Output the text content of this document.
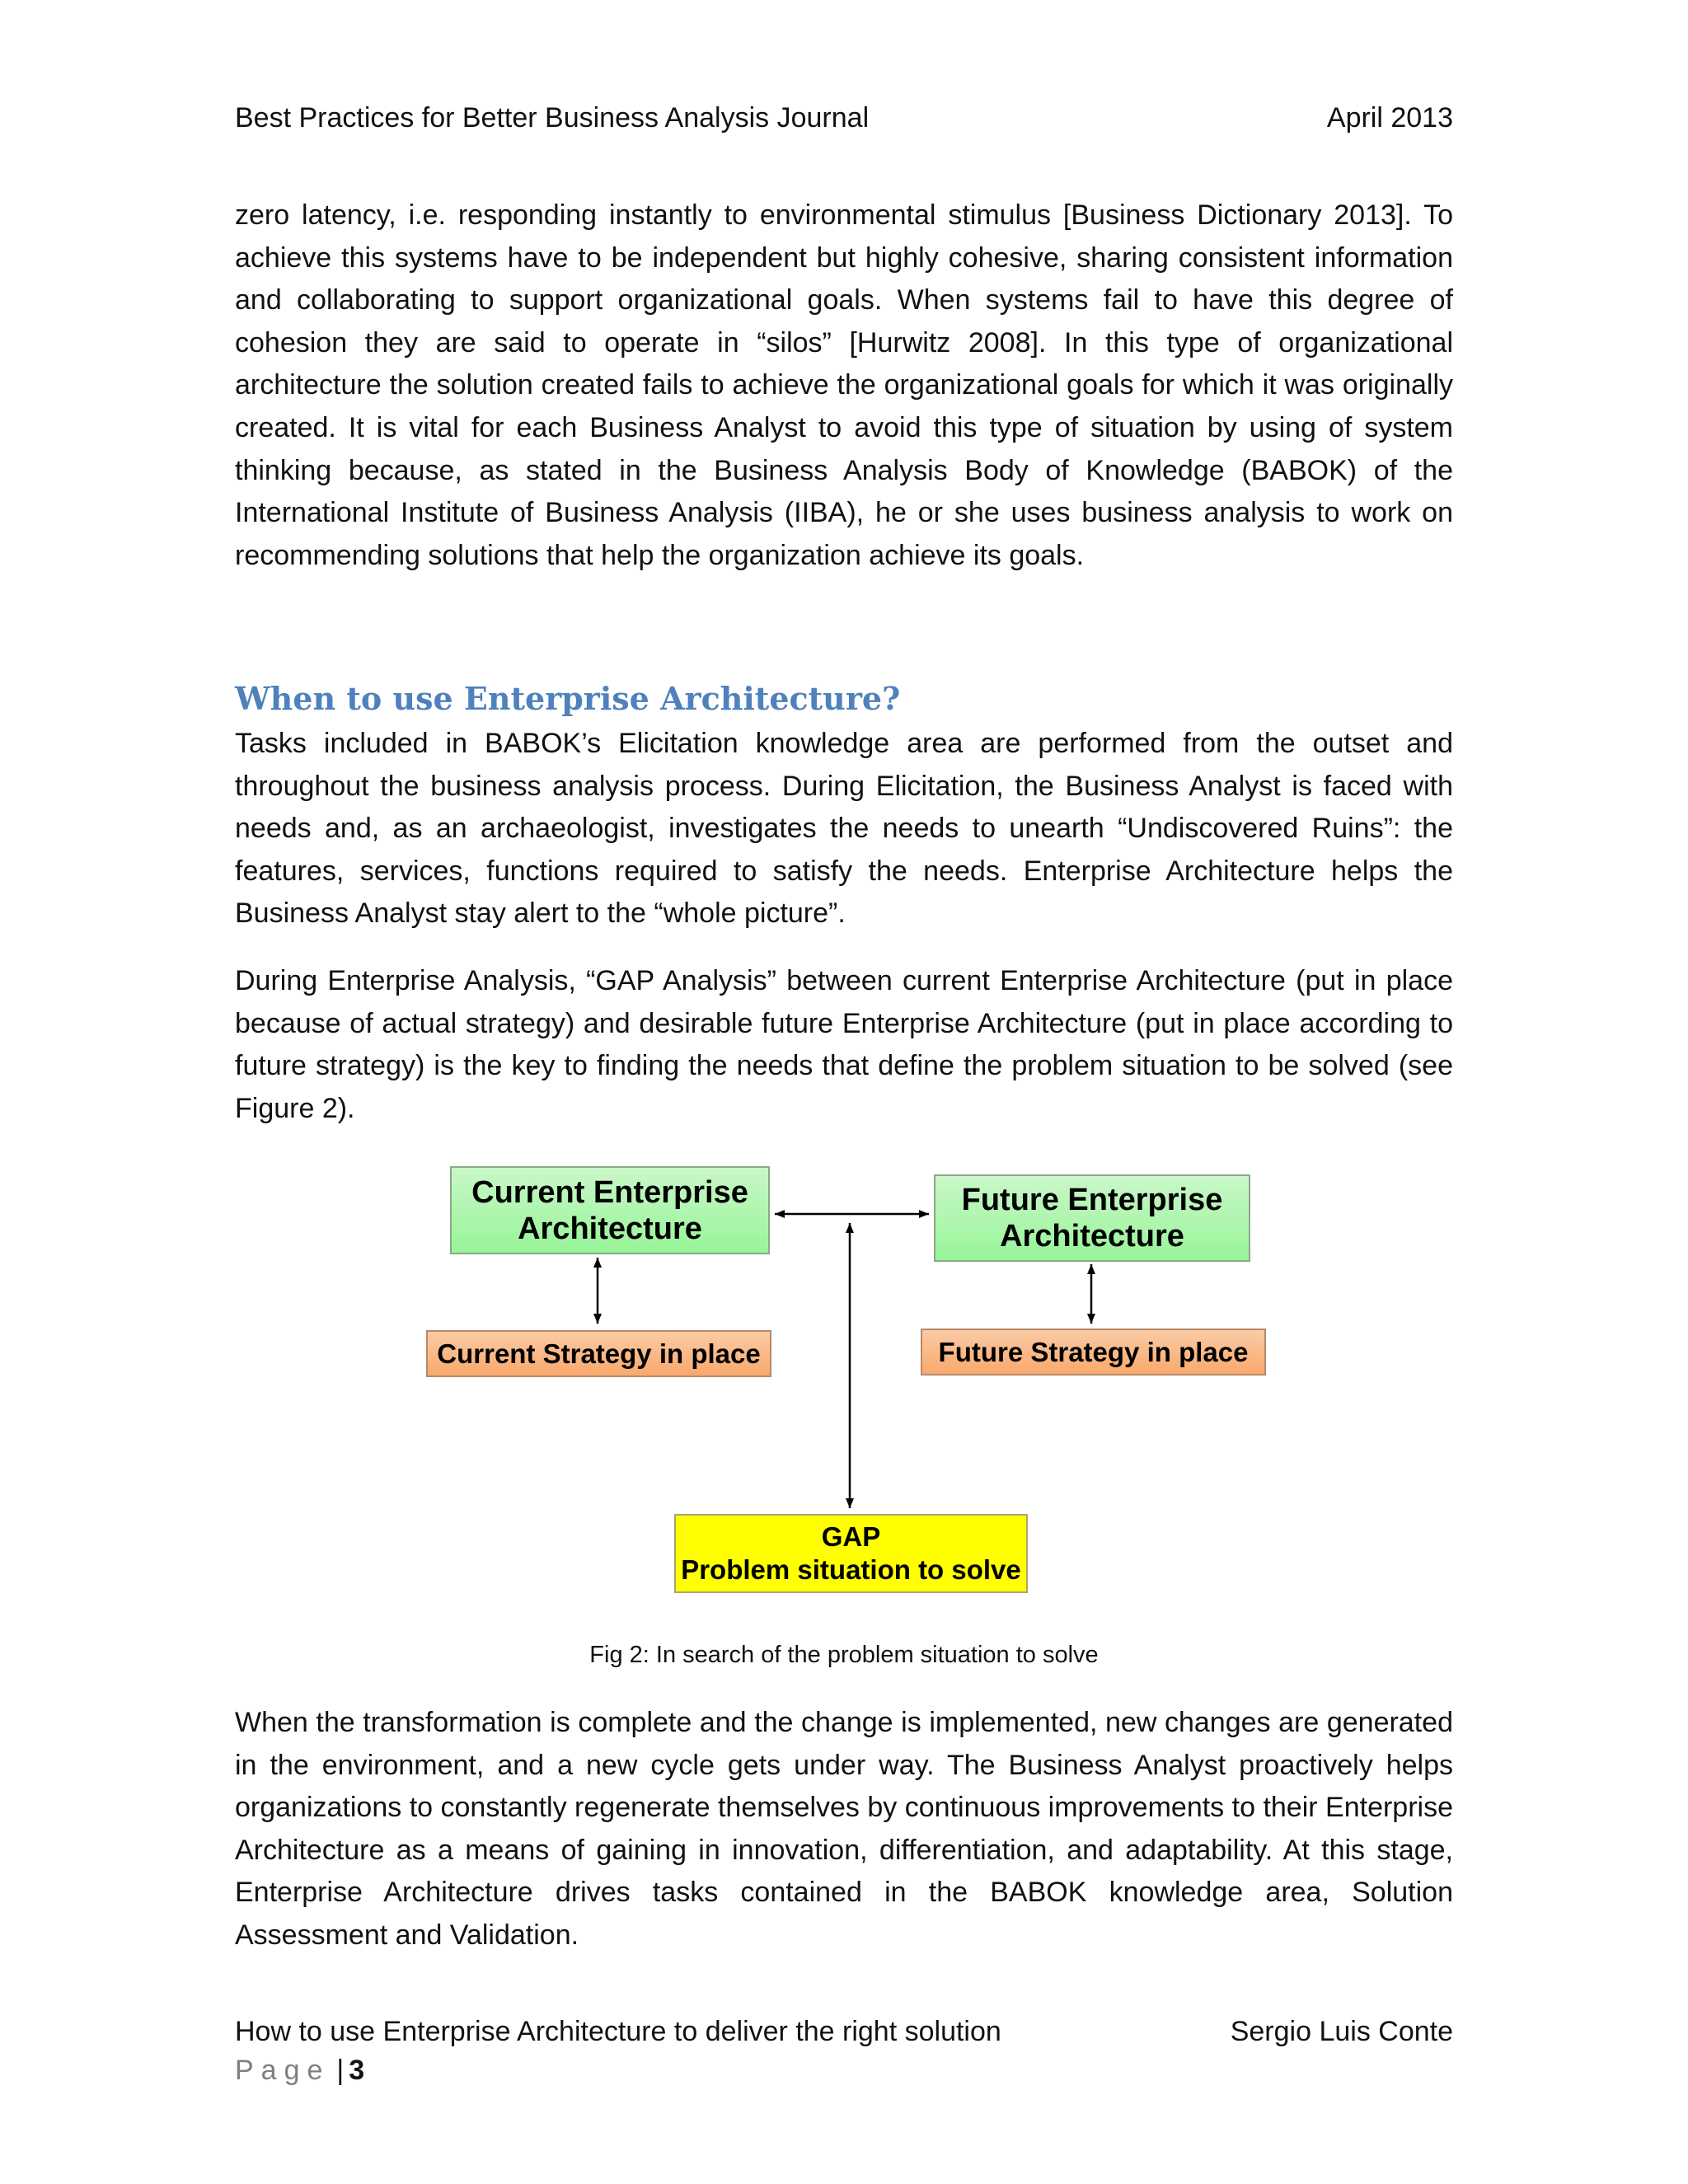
Best Practices for Better Business Analysis Journal	April 2013

zero latency, i.e. responding instantly to environmental stimulus [Business Dictionary 2013]. To achieve this systems have to be independent but highly cohesive, sharing consistent information and collaborating to support organizational goals. When systems fail to have this degree of cohesion they are said to operate in “silos” [Hurwitz 2008]. In this type of organizational architecture the solution created fails to achieve the organizational goals for which it was originally created. It is vital for each Business Analyst to avoid this type of situation by using of system thinking because, as stated in the Business Analysis Body of Knowledge (BABOK) of the International Institute of Business Analysis (IIBA), he or she uses business analysis to work on recommending solutions that help the organization achieve its goals.

When to use Enterprise Architecture?

Tasks included in BABOK’s Elicitation knowledge area are performed from the outset and throughout the business analysis process. During Elicitation, the Business Analyst is faced with needs and, as an archaeologist, investigates the needs to unearth “Undiscovered Ruins”: the features, services, functions required to satisfy the needs. Enterprise Architecture helps the Business Analyst stay alert to the “whole picture”.

During Enterprise Analysis, “GAP Analysis” between current Enterprise Architecture (put in place because of actual strategy) and desirable future Enterprise Architecture (put in place according to future strategy) is the key to finding the needs that define the problem situation to be solved (see Figure 2).

Current Enterprise
Architecture
Future Enterprise
Architecture
Current Strategy in place	Future Strategy in place
GAP
Problem situation to solve
Fig 2: In search of the problem situation to solve

When the transformation is complete and the change is implemented, new changes are generated in the environment, and a new cycle gets under way. The Business Analyst proactively helps organizations to constantly regenerate themselves by continuous improvements to their Enterprise Architecture as a means of gaining in innovation, differentiation, and adaptability. At this stage, Enterprise Architecture drives tasks contained in the BABOK knowledge area, Solution Assessment and Validation.

How to use Enterprise Architecture to deliver the right solution	Sergio Luis Conte
Page | 3
